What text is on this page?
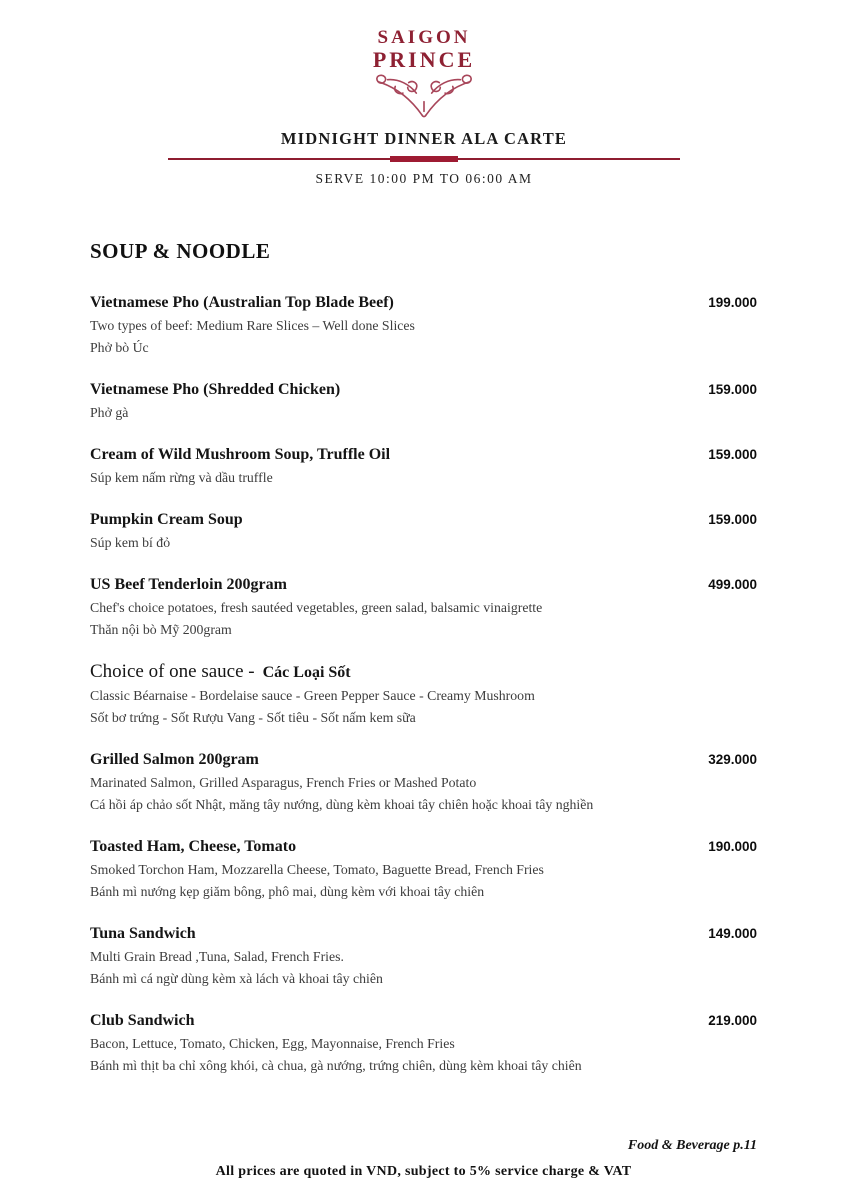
SAIGON
PRINCE
MIDNIGHT DINNER ALA CARTE
SERVE 10:00 PM TO 06:00 AM
SOUP & NOODLE
Vietnamese Pho (Australian Top Blade Beef)	199.000
Two types of beef: Medium Rare Slices – Well done Slices
Phở bò Úc
Vietnamese Pho (Shredded Chicken)	159.000
Phở gà
Cream of Wild Mushroom Soup, Truffle Oil	159.000
Súp kem nấm rừng và dầu truffle
Pumpkin Cream Soup	159.000
Súp kem bí đỏ
US Beef Tenderloin 200gram	499.000
Chef's choice potatoes, fresh sautéed vegetables, green salad, balsamic vinaigrette
Thăn nội bò Mỹ 200gram
Choice of one sauce - Các Loại Sốt
Classic Béarnaise - Bordelaise sauce - Green Pepper Sauce - Creamy Mushroom
Sốt bơ trứng - Sốt Rượu Vang - Sốt tiêu - Sốt nấm kem sữa
Grilled Salmon 200gram	329.000
Marinated Salmon, Grilled Asparagus, French Fries or Mashed Potato
Cá hồi áp chảo sốt Nhật, măng tây nướng, dùng kèm khoai tây chiên hoặc khoai tây nghiền
Toasted Ham, Cheese, Tomato	190.000
Smoked Torchon Ham, Mozzarella Cheese, Tomato, Baguette Bread, French Fries
Bánh mì nướng kẹp giăm bông, phô mai, dùng kèm với khoai tây chiên
Tuna Sandwich	149.000
Multi Grain Bread ,Tuna, Salad, French Fries.
Bánh mì cá ngừ dùng kèm xà lách và khoai tây chiên
Club Sandwich	219.000
Bacon, Lettuce, Tomato, Chicken, Egg, Mayonnaise, French Fries
Bánh mì thịt ba chỉ xông khói, cà chua, gà nướng, trứng chiên, dùng kèm khoai tây chiên
Food & Beverage p.11
All prices are quoted in VND, subject to 5% service charge & VAT
